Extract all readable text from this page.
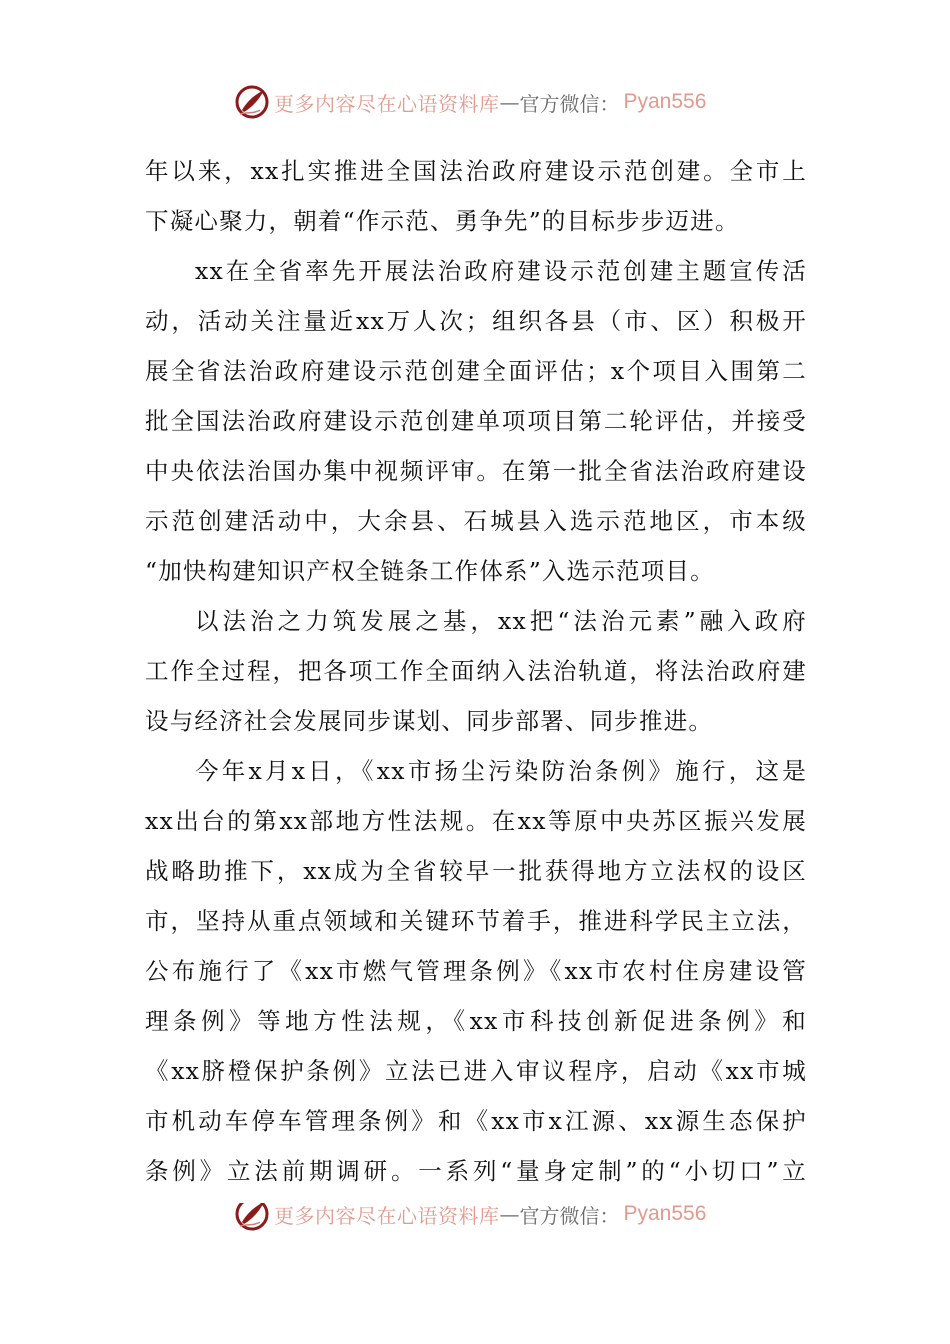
更多内容尽在心语资料库 — 官方微信： Pyan556
年以来，xx扎实推进全国法治政府建设示范创建。全市上
下凝心聚力，朝着“作示范、勇争先”的目标步步迈进。
xx在全省率先开展法治政府建设示范创建主题宣传活
动，活动关注量近xx万人次；组织各县（市、区）积极开
展全省法治政府建设示范创建全面评估；x个项目入围第二
批全国法治政府建设示范创建单项项目第二轮评估，并接受
中央依法治国办集中视频评审。在第一批全省法治政府建设
示范创建活动中，大余县、石城县入选示范地区，市本级
“加快构建知识产权全链条工作体系”入选示范项目。
以法治之力筑发展之基，xx把“法治元素”融入政府
工作全过程，把各项工作全面纳入法治轨道，将法治政府建
设与经济社会发展同步谋划、同步部署、同步推进。
今年x月x日，《xx市扬尘污染防治条例》施行，这是
xx出台的第xx部地方性法规。在xx等原中央苏区振兴发展
战略助推下，xx成为全省较早一批获得地方立法权的设区
市，坚持从重点领域和关键环节着手，推进科学民主立法，
公布施行了《xx市燃气管理条例》《xx市农村住房建设管
理条例》等地方性法规，《xx市科技创新促进条例》和
《xx脐橙保护条例》立法已进入审议程序，启动《xx市城
市机动车停车管理条例》和《xx市x江源、xx源生态保护
条例》立法前期调研。一系列“量身定制”的“小切口”立
更多内容尽在心语资料库 — 官方微信： Pyan556
